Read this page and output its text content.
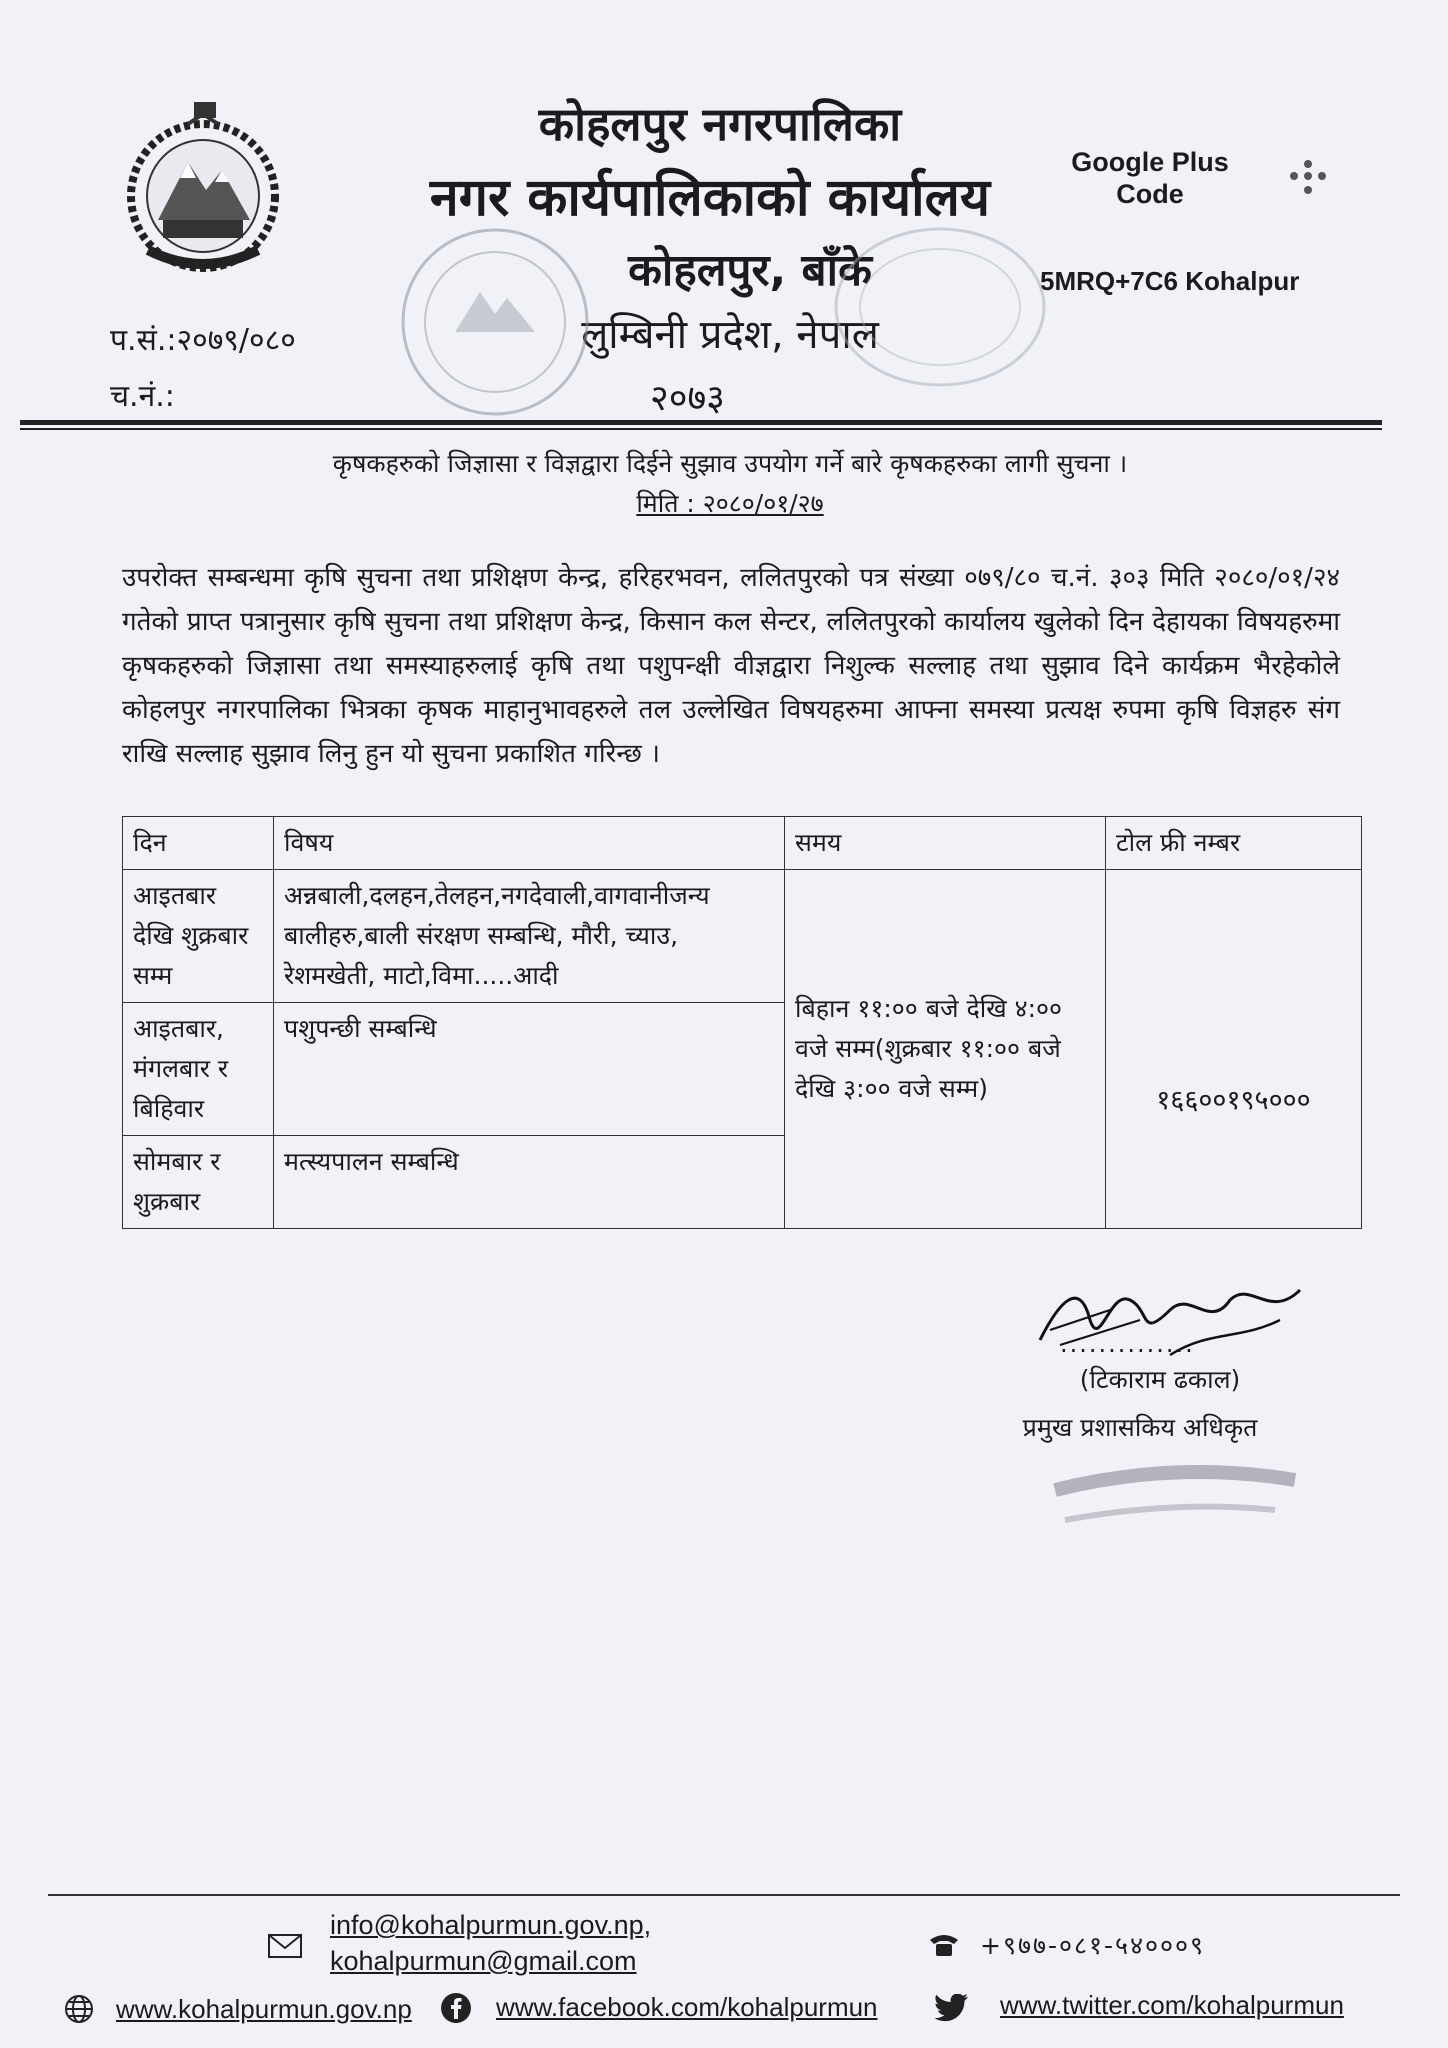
कोहलपुर नगरपालिका
नगर कार्यपालिकाको कार्यालय
कोहलपुर, बाँके
लुम्बिनी प्रदेश, नेपाल
Google Plus Code
5MRQ+7C6 Kohalpur
प.सं.:२०७९/०८०
च.नं.:	२०७३
कृषकहरुको जिज्ञासा र विज्ञद्वारा दिईने सुझाव उपयोग गर्ने बारे कृषकहरुका लागी सुचना ।
मिति : २०८०/०१/२७
उपरोक्त सम्बन्धमा कृषि सुचना तथा प्रशिक्षण केन्द्र, हरिहरभवन, ललितपुरको पत्र संख्या ०७९/८० च.नं. ३०३ मिति २०८०/०१/२४ गतेको प्राप्त पत्रानुसार कृषि सुचना तथा प्रशिक्षण केन्द्र, किसान कल सेन्टर, ललितपुरको कार्यालय खुलेको दिन देहायका विषयहरुमा कृषकहरुको जिज्ञासा तथा समस्याहरुलाई कृषि तथा पशुपन्क्षी वीज्ञद्वारा निशुल्क सल्लाह तथा सुझाव दिने कार्यक्रम भैरहेकोले कोहलपुर नगरपालिका भित्रका कृषक माहानुभावहरुले तल उल्लेखित विषयहरुमा आफ्ना समस्या प्रत्यक्ष रुपमा कृषि विज्ञहरु संग राखि सल्लाह सुझाव लिनु हुन यो सुचना प्रकाशित गरिन्छ ।
दिन	विषय	समय	टोल फ्री नम्बर
आइतबार देखि शुक्रबार सम्म	अन्नबाली,दलहन,तेलहन,नगदेवाली,वागवानीजन्य बालीहरु,बाली संरक्षण सम्बन्धि, मौरी, च्याउ, रेशमखेती, माटो,विमा.....आदी	बिहान ११:०० बजे देखि ४:०० वजे सम्म(शुक्रबार ११:०० बजे देखि ३:०० वजे सम्म)	१६६००१९५०००
आइतबार, मंगलबार र बिहिवार	पशुपन्छी सम्बन्धि		
सोमबार र शुक्रबार	मत्स्यपालन सम्बन्धि		
..............
(टिकाराम ढकाल)
प्रमुख प्रशासकिय अधिकृत
info@kohalpurmun.gov.np,
kohalpurmun@gmail.com
+९७७-०८१-५४०००९
www.kohalpurmun.gov.np	www.facebook.com/kohalpurmun	www.twitter.com/kohalpurmun
